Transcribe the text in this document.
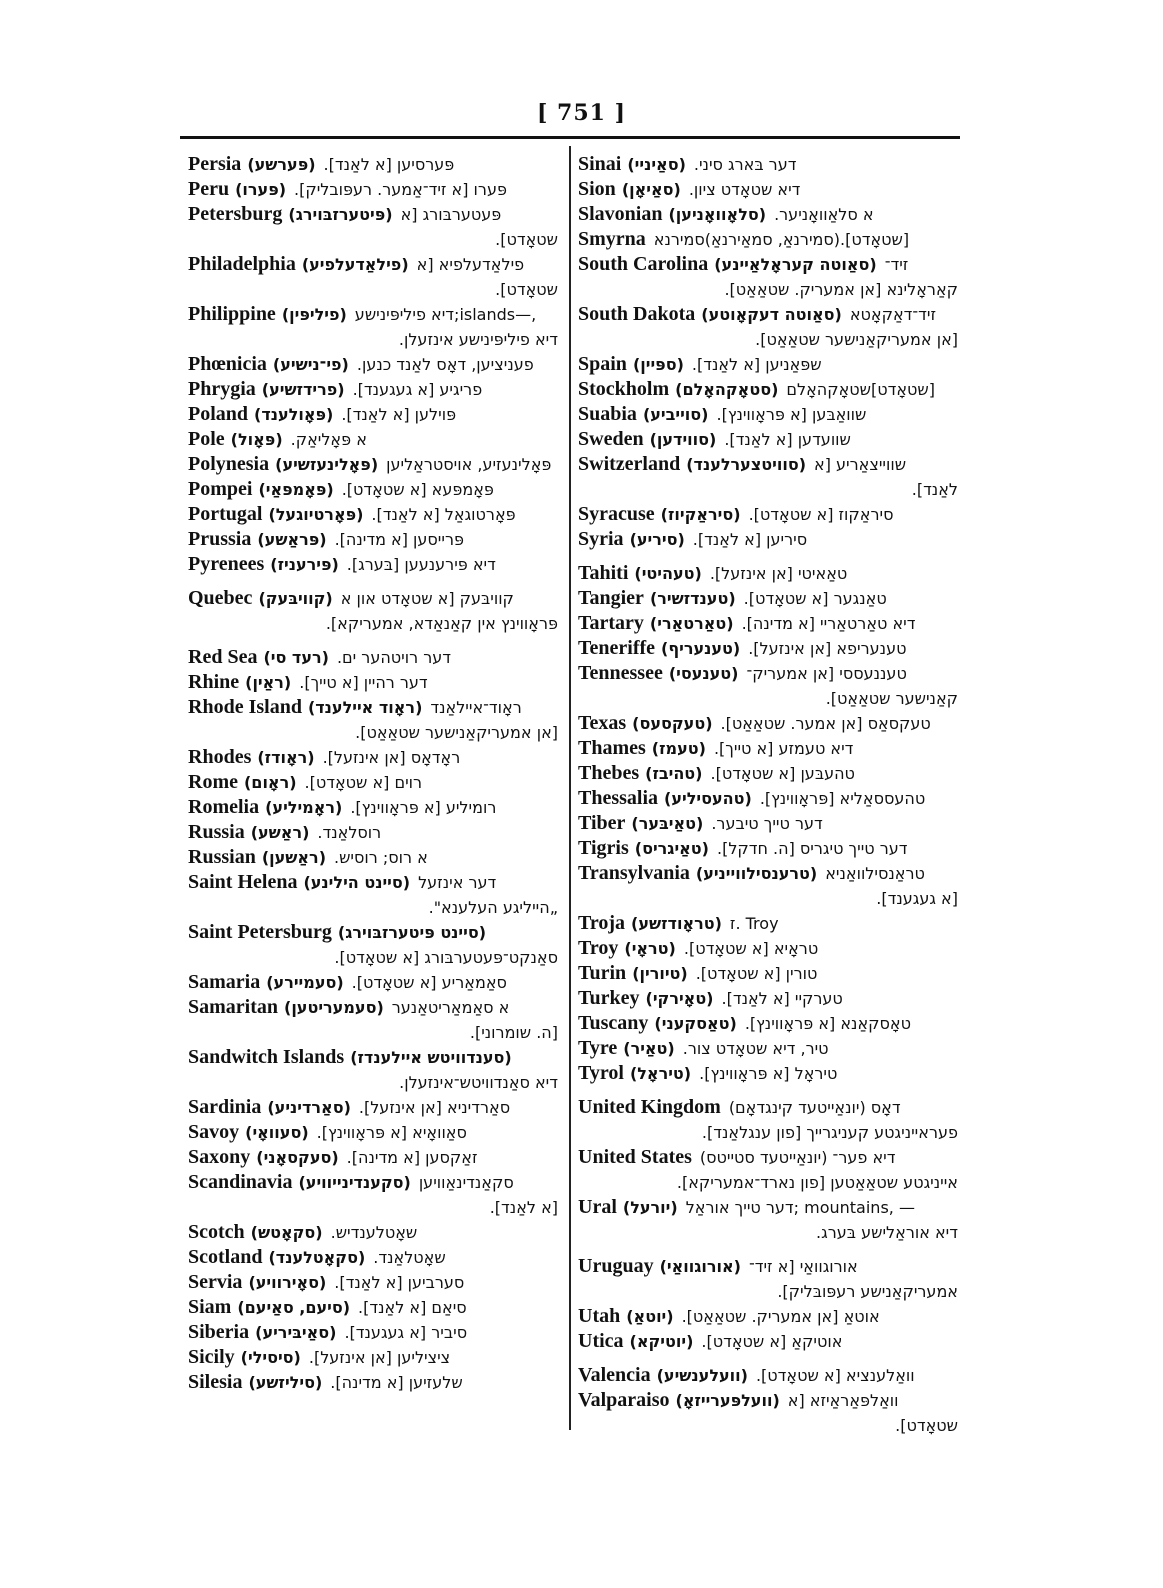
[ 751 ]
Persia (פּערשע) פּערסיען [א לאַנד].
Peru (פּערו) פּערו [א זיד־אַמער. רעפּובליק].
Petersburg (פּיטערזבּוירג) פּעטערבּורג [א
שטאָדט].
Philadelphia (פילאַדעלפיע) פילאַדעלפיא [א
שטאָדט].
Philippine (פיליפּין) ,—islands;דיא פיליפּינישע
דיא פיליפּינישע אינזעלן.
Phœnicia (פי־נישיע) פעניציען, דאָס לאַנד כנען.
Phrygia (פרידזשיע) פריגיע [א געגענד].
Poland (פּאָולענד) פּוילען [א לאַנד].
Pole (פּאָול) א פּאָליאַק.
Polynesia (פּאָלינעזשיע) פּאָלינעזיע, אויסטראַליען
Pompei (פּאָמפּאַי) פּאָמפּעא [א שטאָדט].
Portugal (פּאָרטיוגעל) פּאָרטוגאַל [א לאַנד].
Prussia (פּראַשע) פּרייסען [א מדינה].
Pyrenees (פּירעניז) דיא פּירענעען [בּערג].
Quebec (קוויבּעק) קוויבּעק [א שטאָדט און א
פּראָווינץ אין קאַנאַדא, אמעריקא].
Red Sea (רעד סי) דער רויטהער ים.
Rhine (ראַין) דער רהיין [א טייך].
Rhode Island (ראָוד איילענד) ראָוד־איילאַנד
[אן אמעריקאַנישער שטאַאַט].
Rhodes (ראָודז) ראָדאָס [אן אינזעל].
Rome (ראָום) רוים [א שטאָדט].
Romelia (ראָמיליע) רומיליע [א פּראָווינץ].
Russia (ראַשע) רוסלאַנד.
Russian (ראַשען) א רוס; רוסיש.
Saint Helena (סיינט הילינע) דער אינזעל
„הייליגע העלענא".
Saint Petersburg (סיינט פּיטערזבּוירג)
סאַנקט־פּעטערבּורג [א שטאָדט].
Samaria (סעמיירע) סאַמאַריע [א שטאָדט].
Samaritan (סעמעריטען) א סאַמאַריטאַנער
[ה. שומרוני].
Sandwitch Islands (סענדוויטש איילענדז)
דיא סאַנדוויטש־אינזעלן.
Sardinia (סאַרדיניע) סאַרדיניא [אן אינזעל].
Savoy (סעוואָי) סאַוואָיא [א פּראָווינץ].
Saxony (סעקסאָני) זאַקסען [א מדינה].
Scandinavia (סקענדינייוויע) סקאַנדינאַוויען
[א לאַנד].
Scotch (סקאָטש) שאָטלענדיש.
Scotland (סקאָטלענד) שאָטלאַנד.
Servia (סאָירוויע) סערביען [א לאַנד].
Siam (סיעם, סאַיעם) סיאַם [א לאַנד].
Siberia (סאַיבּיריע) סיביר [א געגענד].
Sicily (סיסילי) ציציליען [אן אינזעל].
Silesia (סיליזשע) שלעזיען [א מדינה].
Sinai (סאַיניי) דער בּארג סיני.
Sion (סאַיאָן) דיא שטאָדט ציון.
Slavonian (סלאָוואָניען) א סלאַוואָניער.
Smyrna [שטאָדט].(סמירנאַ, סמאַירנאַ)סמירנא
South Carolina (סאַוטה קעראָלאַיינע) זיד־
קאַראָלינא [אן אמעריק. שטאַאַט].
South Dakota (סאַוטה דעקאָוטע) זיד־דאַקאָטא
[אן אמעריקאַנישער שטאַאַט].
Spain (ספּיין) שפּאַניען [א לאַנד].
Stockholm (סטאָקהאָלם) [שטאָדט]שטאָקהאָלם
Suabia (סוייביע) שוואַבּען [א פּראָווינץ].
Sweden (סווידען) שוועדען [א לאַנד].
Switzerland (סוויטצערלענד) שווייצאַריע [א
לאַנד].
Syracuse (סיראַקיוז) סיראַקוז [א שטאָדט].
Syria (סיריע) סיריען [א לאַנד].
Tahiti (טעהיטי) טאַאיטי [אן אינזעל].
Tangier (טענדזשיר) טאַנגער [א שטאָדט].
Tartary (טאַרטאַרי) דיא טאַרטאַריי [א מדינה].
Teneriffe (טענעריף) טענעריפא [אן אינזעל].
Tennessee (טענעסי) טעננעססי [אן אמעריק־
קאַנישער שטאַאַט].
Texas (טעקסעס) טעקסאַס [אן אמער. שטאַאַט].
Thames (טעמז) דיא טעמזע [א טייך].
Thebes (טהיבז) טהעבּען [א שטאָדט].
Thessalia (טהעסיליע) טהעססאַליא [פּראָווינץ].
Tiber (טאַיבּער) דער טייך טיבער.
Tigris (טאַיגריס) דער טייך טיגריס [ה. חדקל].
Transylvania (טרענסילווייניע) טראַנסילוואַניא
[א געגענד].
Troja (טראָודזשע) Troy .ז
Troy (טראָי) טראָיא [א שטאָדט].
Turin (טיורין) טורין [א שטאָדט].
Turkey (טאָירקי) טערקיי [א לאַנד].
Tuscany (טאַסקעני) טאָסקאַנא [א פּראָווינץ].
Tyre (טאַיר) טיר, דיא שטאָדט צור.
Tyrol (טיראָל) טיראָל [א פּראָווינץ].
United Kingdom דאָס (יונאַייטעד קינגדאָם)
פעראייניגטע קעניגרייך [פון ענגלאַנד].
United States דיא פער־ (יונאַייטעד סטייטס)
אייניגטע שטאַאַטען [פון נארד־אמעריקא].
Ural (יורעל) — ,mountains ;דער טייך אוראַל
דיא אוראַלישע בּערג.
Uruguay (אורוגוואַי) אורוגוואַי [א זיד־
אמעריקאַנישע רעפּובּליק].
Utah (יוטאַ) אוטאַ [אן אמעריק. שטאַאַט].
Utica (יוטיקא) אוטיקאַ [א שטאָדט].
Valencia (וועלענשיע) וואַלענציא [א שטאָדט].
Valparaiso (וועלפּערייזאָ) וואַלפּאַראַיזא [א
שטאָדט].
